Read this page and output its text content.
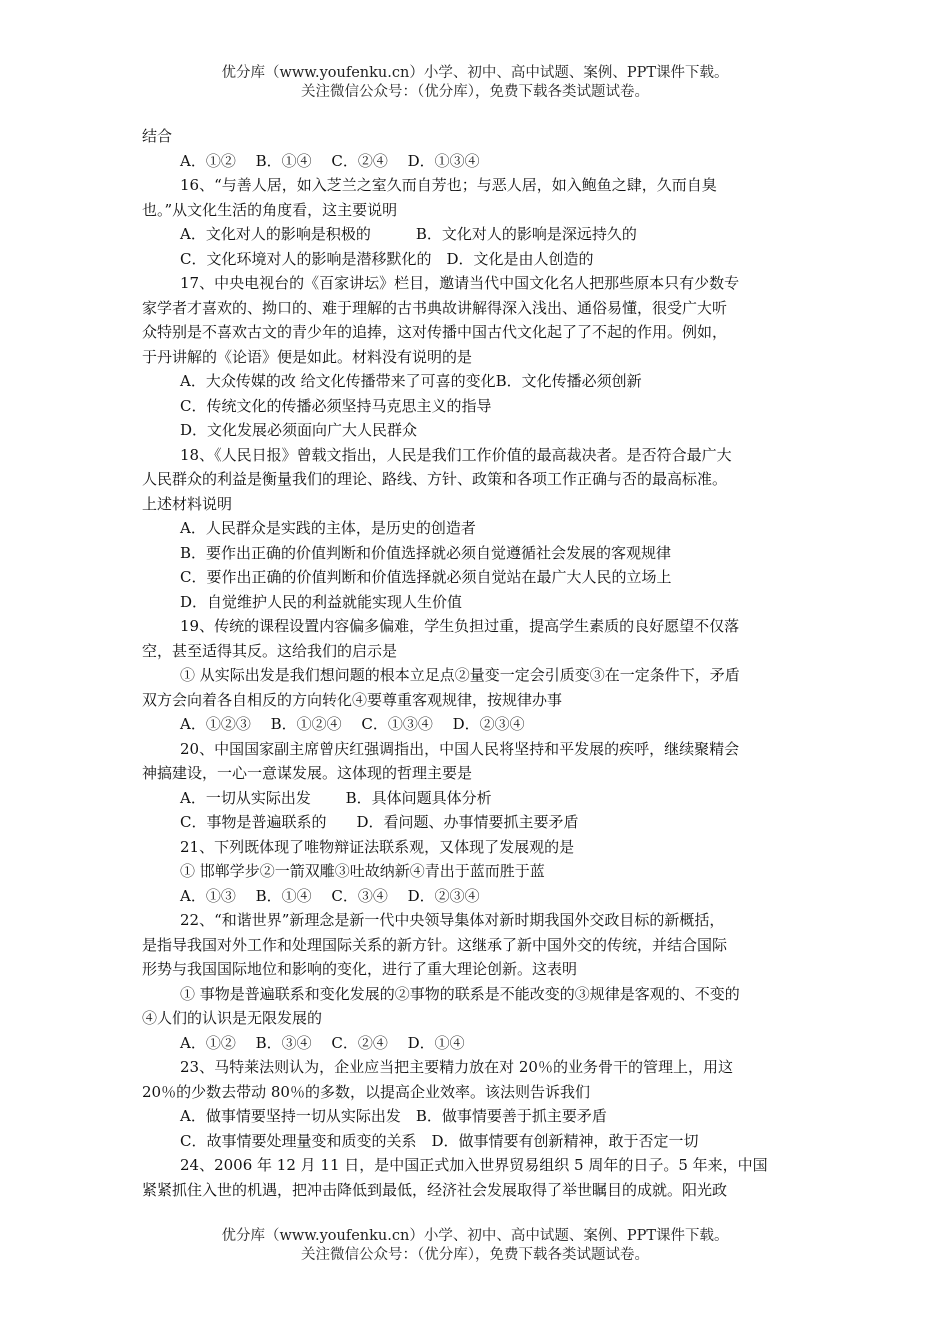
优分库（www.youfenku.cn）小学、初中、高中试题、案例、PPT课件下载。
关注微信公众号：（优分库），免费下载各类试题试卷。
结合
A．①②　 B．①④　 C．②④　 D．①③④
16、“与善人居，如入芝兰之室久而自芳也；与恶人居，如入鲍鱼之肆，久而自臭
也。”从文化生活的角度看，这主要说明
A．文化对人的影响是积极的　　　B．文化对人的影响是深远持久的
C．文化环境对人的影响是潜移默化的　D．文化是由人创造的
17、中央电视台的《百家讲坛》栏目，邀请当代中国文化名人把那些原本只有少数专
家学者才喜欢的、拗口的、难于理解的古书典故讲解得深入浅出、通俗易懂，很受广大听
众特别是不喜欢古文的青少年的追捧，这对传播中国古代文化起了了不起的作用。例如，
于丹讲解的《论语》便是如此。材料没有说明的是
A．大众传媒的改 给文化传播带来了可喜的变化B．文化传播必须创新
C．传统文化的传播必须坚持马克思主义的指导
D．文化发展必须面向广大人民群众
18、《人民日报》曾载文指出，人民是我们工作价值的最高裁决者。是否符合最广大
人民群众的利益是衡量我们的理论、路线、方针、政策和各项工作正确与否的最高标准。
上述材料说明
A．人民群众是实践的主体，是历史的创造者
B．要作出正确的价值判断和价值选择就必须自觉遵循社会发展的客观规律
C．要作出正确的价值判断和价值选择就必须自觉站在最广大人民的立场上
D．自觉维护人民的利益就能实现人生价值
19、传统的课程设置内容偏多偏难，学生负担过重，提高学生素质的良好愿望不仅落
空，甚至适得其反。这给我们的启示是
① 从实际出发是我们想问题的根本立足点②量变一定会引质变③在一定条件下，矛盾
双方会向着各自相反的方向转化④要尊重客观规律，按规律办事
A．①②③　 B．①②④　 C．①③④　 D．②③④
20、中国国家副主席曾庆红强调指出，中国人民将坚持和平发展的疾呼，继续聚精会
神搞建设，一心一意谋发展。这体现的哲理主要是
A．一切从实际出发　　 B．具体问题具体分析
C．事物是普遍联系的　　D．看问题、办事情要抓主要矛盾
21、下列既体现了唯物辩证法联系观，又体现了发展观的是
① 邯郸学步②一箭双雕③吐故纳新④青出于蓝而胜于蓝
A．①③　 B．①④　 C．③④　 D．②③④
22、“和谐世界”新理念是新一代中央领导集体对新时期我国外交政目标的新概括，
是指导我国对外工作和处理国际关系的新方针。这继承了新中国外交的传统，并结合国际
形势与我国国际地位和影响的变化，进行了重大理论创新。这表明
① 事物是普遍联系和变化发展的②事物的联系是不能改变的③规律是客观的、不变的
④人们的认识是无限发展的
A．①②　 B．③④　 C．②④　 D．①④
23、马特莱法则认为，企业应当把主要精力放在对 20％的业务骨干的管理上，用这
20％的少数去带动 80％的多数，以提高企业效率。该法则告诉我们
A．做事情要坚持一切从实际出发　B．做事情要善于抓主要矛盾
C．故事情要处理量变和质变的关系　D．做事情要有创新精神，敢于否定一切
24、2006 年 12 月 11 日，是中国正式加入世界贸易组织 5 周年的日子。5 年来，中国
紧紧抓住入世的机遇，把冲击降低到最低，经济社会发展取得了举世瞩目的成就。阳光政
优分库（www.youfenku.cn）小学、初中、高中试题、案例、PPT课件下载。
关注微信公众号：（优分库），免费下载各类试题试卷。
